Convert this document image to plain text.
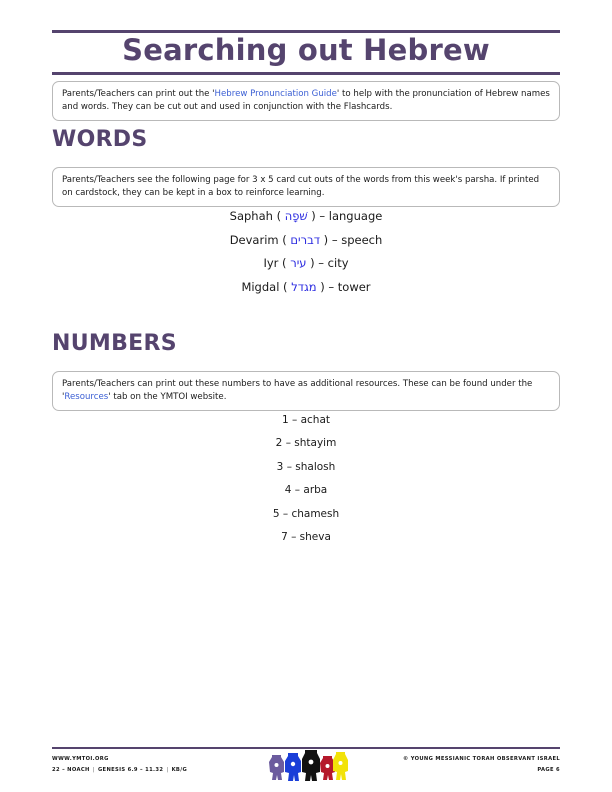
Searching out Hebrew
Parents/Teachers can print out the 'Hebrew Pronunciation Guide' to help with the pronunciation of Hebrew names and words. They can be cut out and used in conjunction with the Flashcards.
WORDS
Parents/Teachers see the following page for 3 x 5 card cut outs of the words from this week's parsha. If printed on cardstock, they can be kept in a box to reinforce learning.
Saphah ( שׁפָה ) – language
Devarim ( דברים ) – speech
Iyr ( עיר ) – city
Migdal ( מגדל ) – tower
NUMBERS
Parents/Teachers can print out these numbers to have as additional resources. These can be found under the 'Resources' tab on the YMTOI website.
1 – achat
2 – shtayim
3 – shalosh
4 – arba
5 – chamesh
7 – sheva
WWW.YMTOI.ORG
22 – NOACH | GENESIS 6.9 – 11.32 | KB/G
© YOUNG MESSIANIC TORAH OBSERVANT ISRAEL
PAGE 6
